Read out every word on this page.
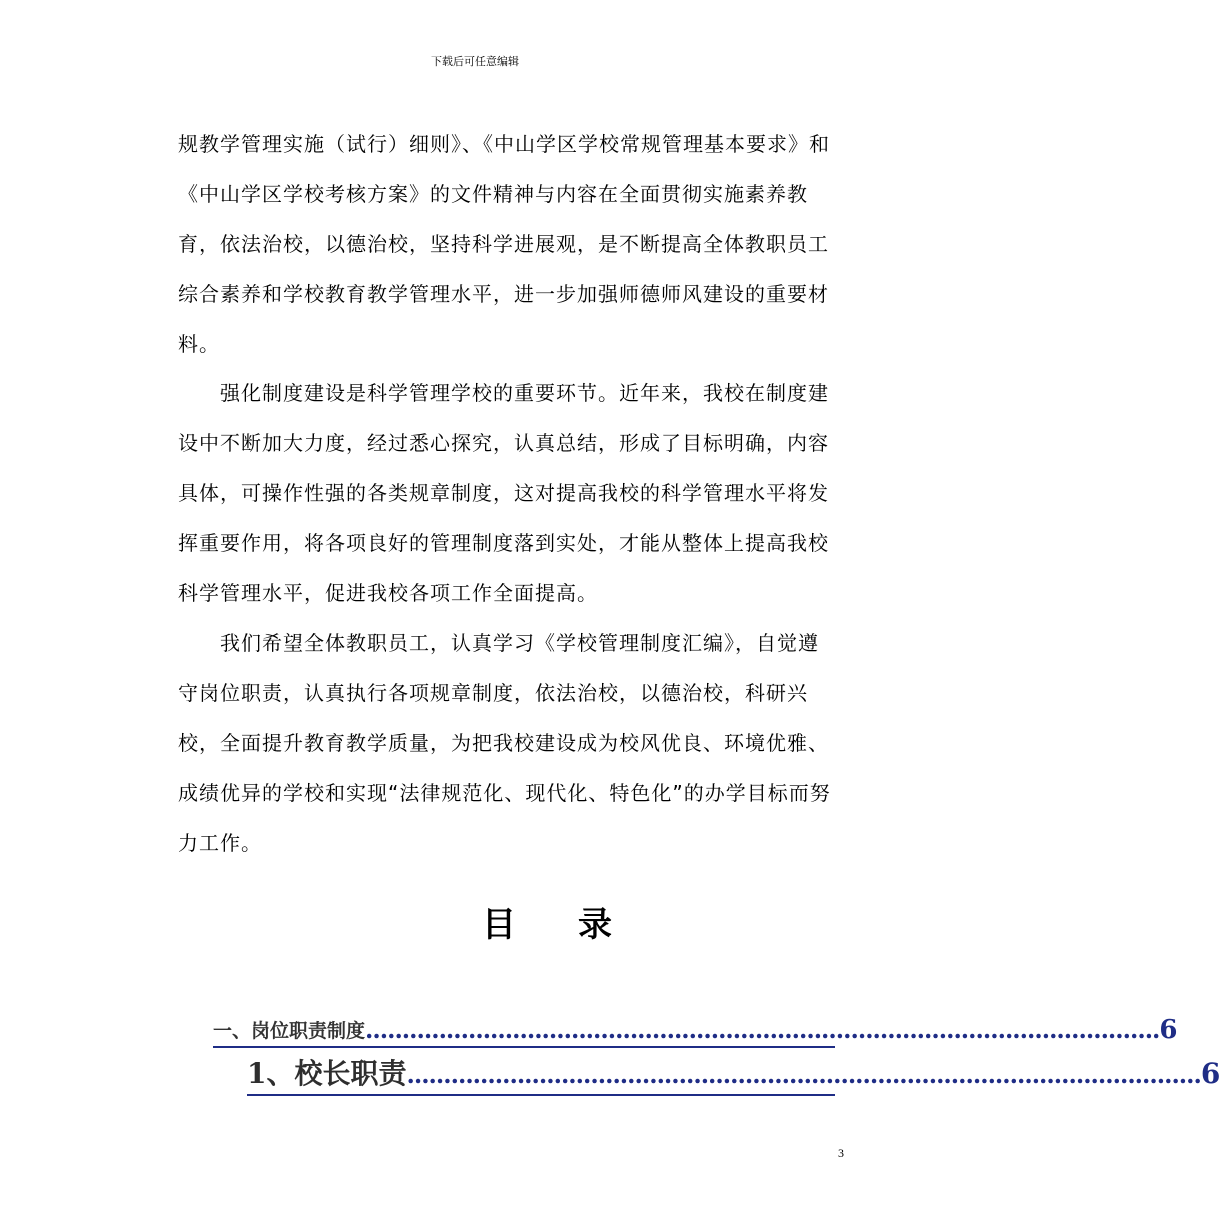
下载后可任意编辑

规教学管理实施（试行）细则》、《中山学区学校常规管理基本要求》和《中山学区学校考核方案》的文件精神与内容在全面贯彻实施素养教育，依法治校，以德治校，坚持科学进展观，是不断提高全体教职员工综合素养和学校教育教学管理水平，进一步加强师德师风建设的重要材料。

强化制度建设是科学管理学校的重要环节。近年来，我校在制度建设中不断加大力度，经过悉心探究，认真总结，形成了目标明确，内容具体，可操作性强的各类规章制度，这对提高我校的科学管理水平将发挥重要作用，将各项良好的管理制度落到实处，才能从整体上提高我校科学管理水平，促进我校各项工作全面提高。

我们希望全体教职员工，认真学习《学校管理制度汇编》，自觉遵守岗位职责，认真执行各项规章制度，依法治校，以德治校，科研兴校，全面提升教育教学质量，为把我校建设成为校风优良、环境优雅、成绩优异的学校和实现“法律规范化、现代化、特色化”的办学目标而努力工作。

目 录
一、岗位职责制度 ............................................................................................................ 6
1、校长职责 ............................................................................................................ 6
3
